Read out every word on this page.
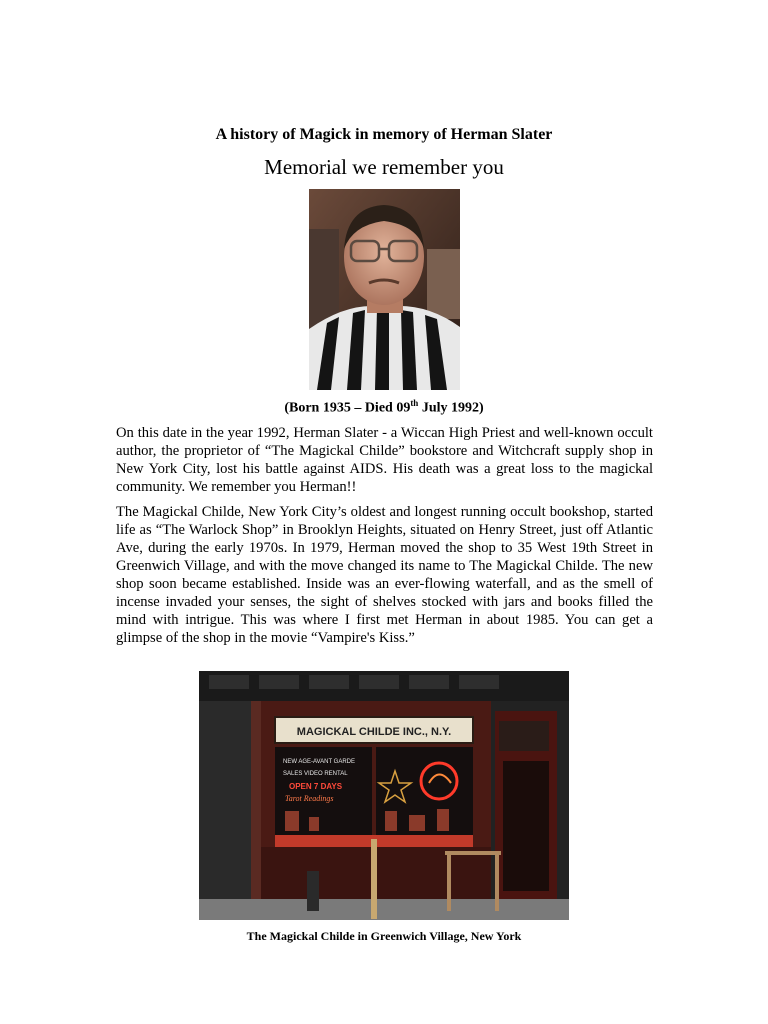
A history of Magick in memory of Herman Slater
Memorial we remember you
(Born 1935 – Died 09th July 1992)

On this date in the year 1992, Herman Slater - a Wiccan High Priest and well-known occult author, the proprietor of “The Magickal Childe” bookstore and Witchcraft supply shop in New York City, lost his battle against AIDS. His death was a great loss to the magickal community. We remember you Herman!!

The Magickal Childe, New York City’s oldest and longest running occult bookshop, started life as “The Warlock Shop” in Brooklyn Heights, situated on Henry Street, just off Atlantic Ave, during the early 1970s. In 1979, Herman moved the shop to 35 West 19th Street in Greenwich Village, and with the move changed its name to The Magickal Childe. The new shop soon became established. Inside was an ever-flowing waterfall, and as the smell of incense invaded your senses, the sight of shelves stocked with jars and books filled the mind with intrigue. This was where I first met Herman in about 1985. You can get a glimpse of the shop in the movie “Vampire's Kiss.”

MAGICKAL CHILDE INC., N.Y.
NEW AGE-AVANT GARDE
SALES VIDEO RENTAL
OPEN 7 DAYS
Tarot Readings
The Magickal Childe in Greenwich Village, New York
